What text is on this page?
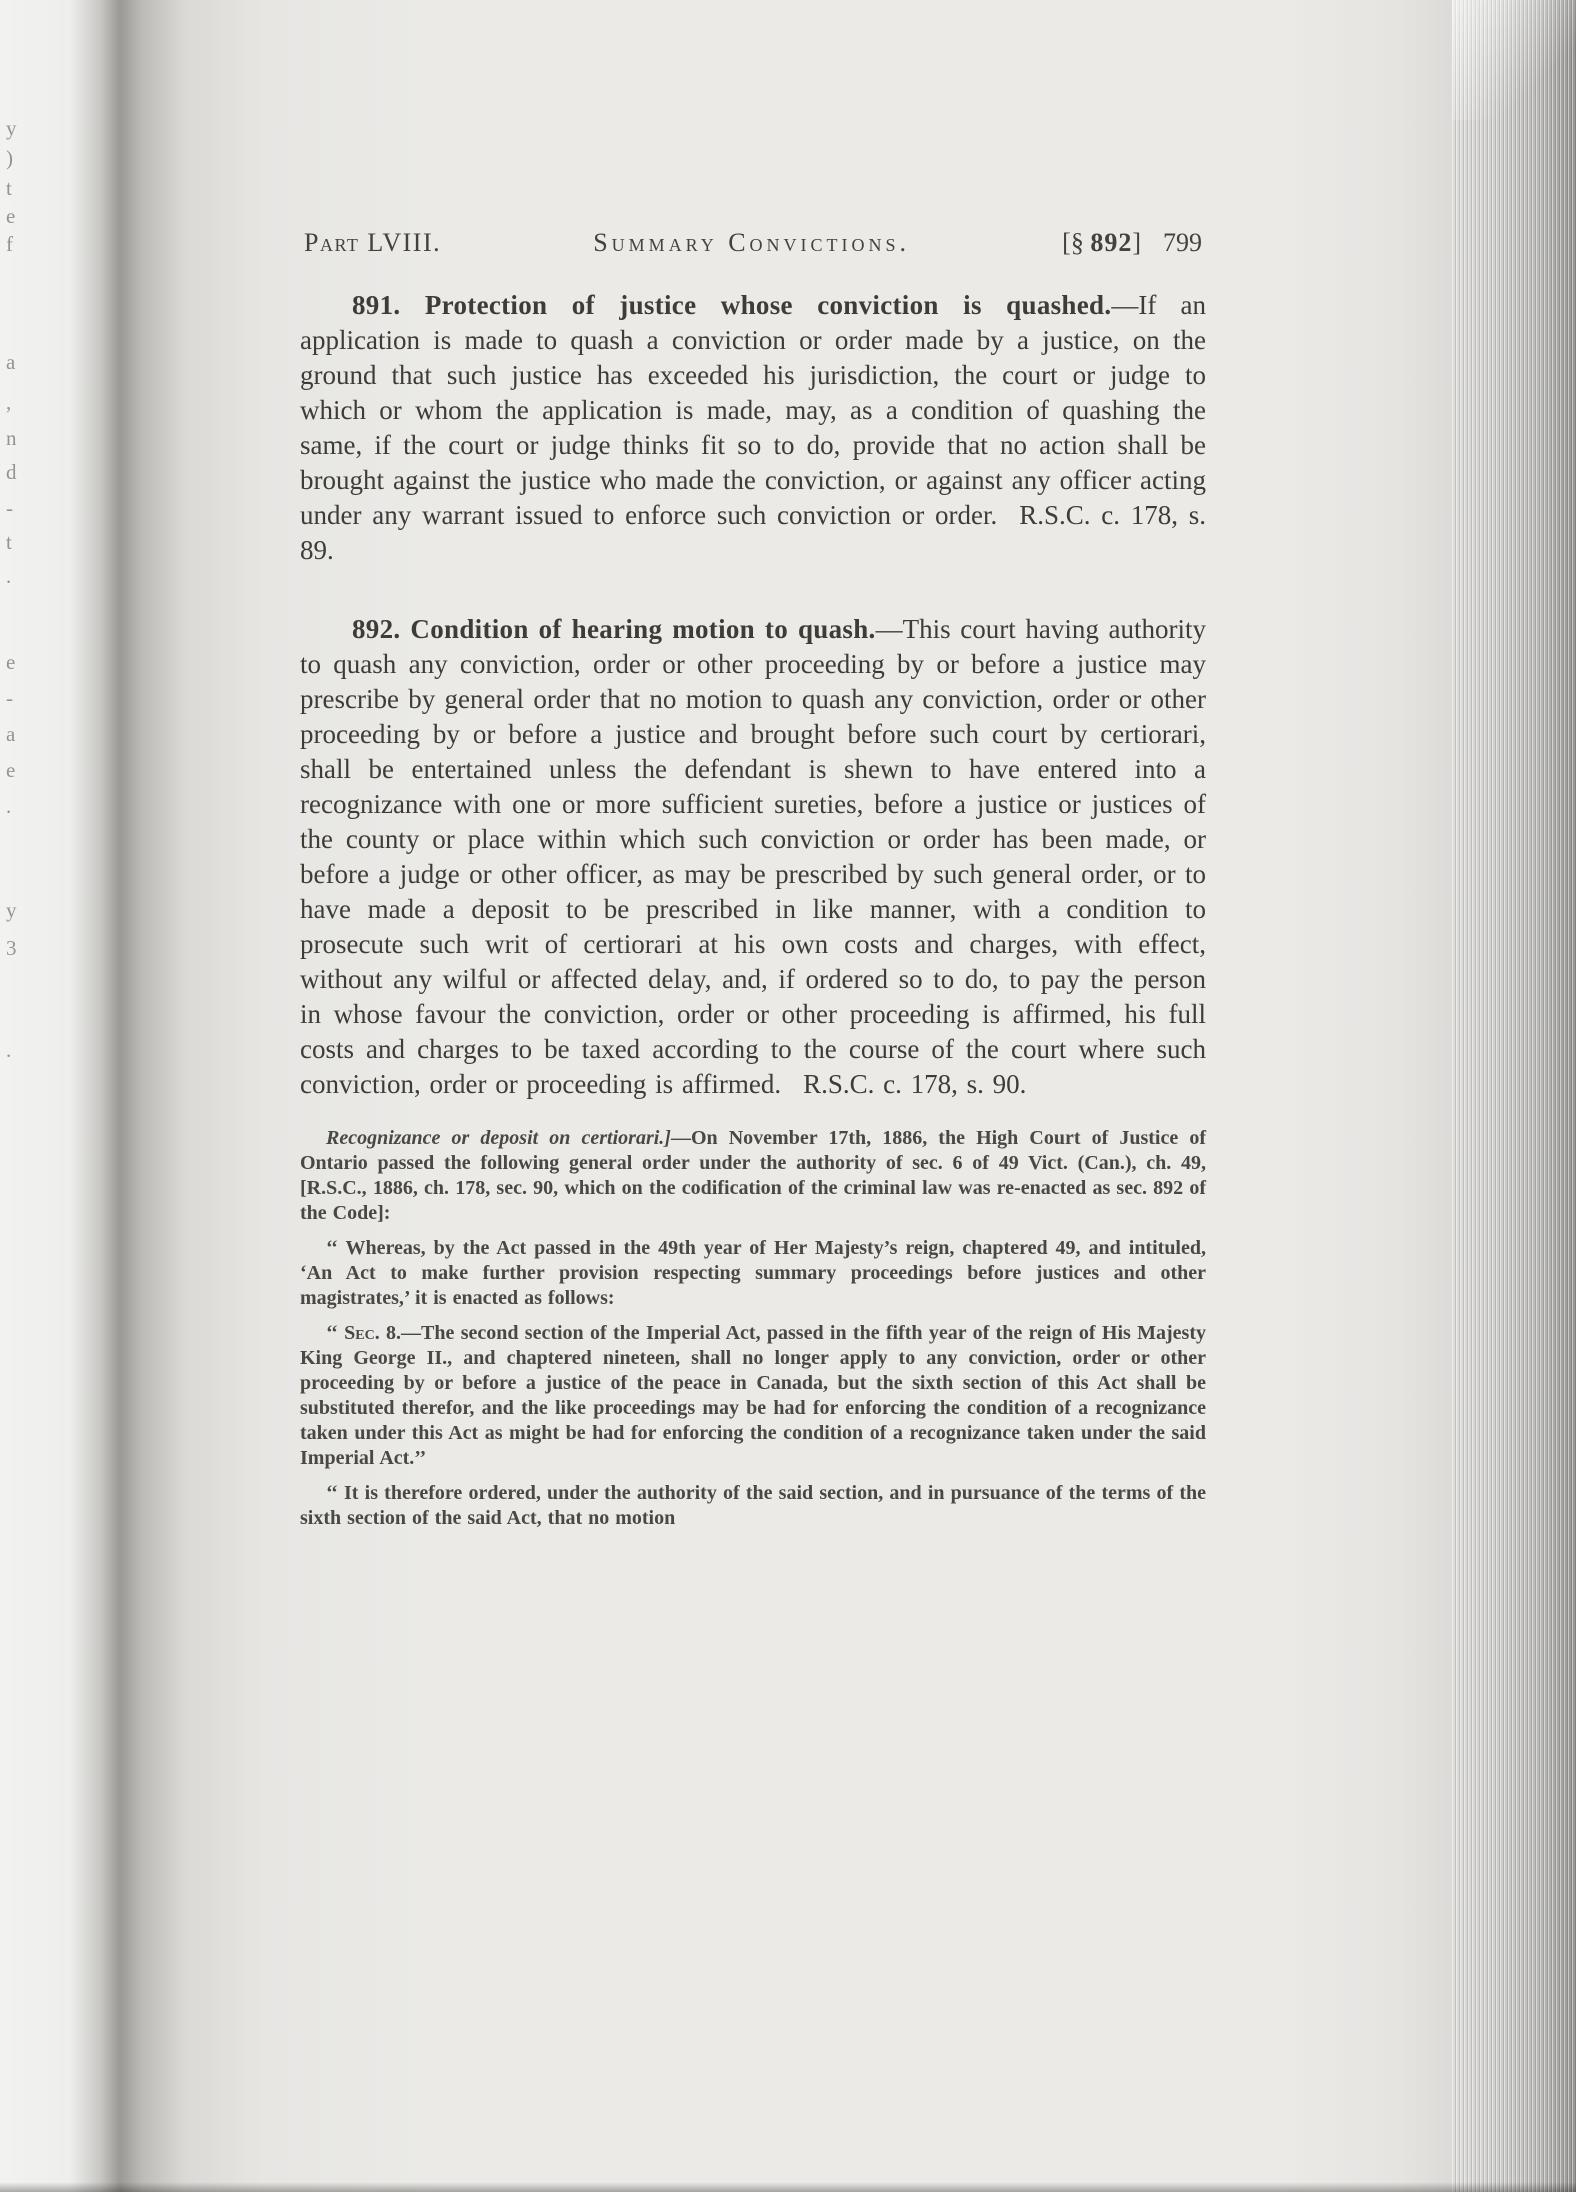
y
)
t
e
f
a
,
n
d
-
t
.
e
-
a
e
.
y
3
.
Part LVIII.	Summary Convictions.	[§ 892] 799

891. Protection of justice whose conviction is quashed.—If an application is made to quash a conviction or order made by a justice, on the ground that such justice has exceeded his jurisdiction, the court or judge to which or whom the application is made, may, as a condition of quashing the same, if the court or judge thinks fit so to do, provide that no action shall be brought against the justice who made the conviction, or against any officer acting under any warrant issued to enforce such conviction or order. R.S.C. c. 178, s. 89.

892. Condition of hearing motion to quash.—This court having authority to quash any conviction, order or other proceeding by or before a justice may prescribe by general order that no motion to quash any conviction, order or other proceeding by or before a justice and brought before such court by certiorari, shall be entertained unless the defendant is shewn to have entered into a recognizance with one or more sufficient sureties, before a justice or justices of the county or place within which such conviction or order has been made, or before a judge or other officer, as may be prescribed by such general order, or to have made a deposit to be prescribed in like manner, with a condition to prosecute such writ of certiorari at his own costs and charges, with effect, without any wilful or affected delay, and, if ordered so to do, to pay the person in whose favour the conviction, order or other proceeding is affirmed, his full costs and charges to be taxed according to the course of the court where such conviction, order or proceeding is affirmed. R.S.C. c. 178, s. 90.

Recognizance or deposit on certiorari.]—On November 17th, 1886, the High Court of Justice of Ontario passed the following general order under the authority of sec. 6 of 49 Vict. (Can.), ch. 49, [R.S.C., 1886, ch. 178, sec. 90, which on the codification of the criminal law was re-enacted as sec. 892 of the Code]:

‘‘ Whereas, by the Act passed in the 49th year of Her Majesty’s reign, chaptered 49, and intituled, ‘An Act to make further provision respecting summary proceedings before justices and other magistrates,’ it is enacted as follows:

‘‘ Sec. 8.—The second section of the Imperial Act, passed in the fifth year of the reign of His Majesty King George II., and chaptered nineteen, shall no longer apply to any conviction, order or other proceeding by or before a justice of the peace in Canada, but the sixth section of this Act shall be substituted therefor, and the like proceedings may be had for enforcing the condition of a recognizance taken under this Act as might be had for enforcing the condition of a recognizance taken under the said Imperial Act.’’

‘‘ It is therefore ordered, under the authority of the said section, and in pursuance of the terms of the sixth section of the said Act, that no motion
